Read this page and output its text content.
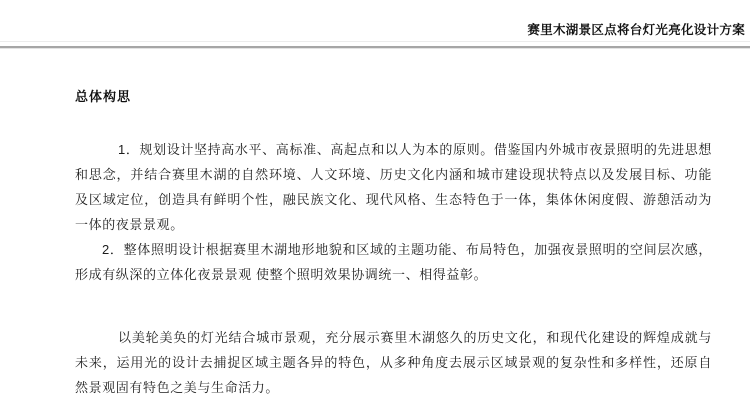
赛里木湖景区点将台灯光亮化设计方案
总体构思

1．规划设计坚持高水平、高标准、高起点和以人为本的原则。借鉴国内外城市夜景照明的先进思想和思念，并结合赛里木湖的自然环境、人文环境、历史文化内涵和城市建设现状特点以及发展目标、功能及区域定位，创造具有鲜明个性，融民族文化、现代风格、生态特色于一体，集体休闲度假、游憩活动为一体的夜景景观。

2．整体照明设计根据赛里木湖地形地貌和区域的主题功能、布局特色，加强夜景照明的空间层次感，形成有纵深的立体化夜景景观 使整个照明效果协调统一、相得益彰。

以美轮美奂的灯光结合城市景观，充分展示赛里木湖悠久的历史文化，和现代化建设的辉煌成就与未来，运用光的设计去捕捉区域主题各异的特色，从多种角度去展示区域景观的复杂性和多样性，还原自然景观固有特色之美与生命活力。
